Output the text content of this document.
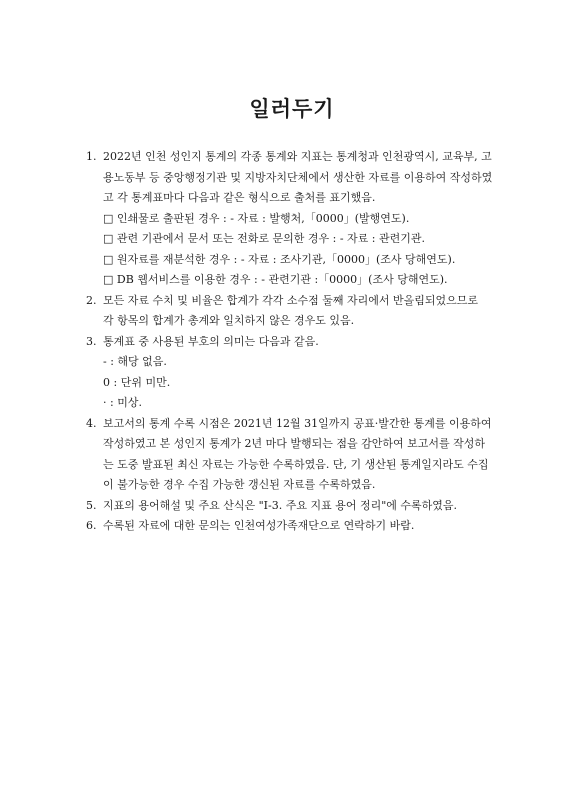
일러두기
1. 2022년 인천 성인지 통계의 각종 통계와 지표는 통계청과 인천광역시, 교육부, 고
용노동부 등 중앙행정기관 및 지방자치단체에서 생산한 자료를 이용하여 작성하였
고 각 통계표마다 다음과 같은 형식으로 출처를 표기했음.
□ 인쇄물로 출판된 경우 : - 자료 : 발행처,「0000」(발행연도).
□ 관련 기관에서 문서 또는 전화로 문의한 경우 : - 자료 : 관련기관.
□ 원자료를 재분석한 경우 : - 자료 : 조사기관,「0000」(조사 당해연도).
□ DB 웹서비스를 이용한 경우 : - 관련기관 :「0000」(조사 당해연도).
2. 모든 자료 수치 및 비율은 합계가 각각 소수점 둘째 자리에서 반올림되었으므로
각 항목의 합계가 총계와 일치하지 않은 경우도 있음.
3. 통계표 중 사용된 부호의 의미는 다음과 같음.
- : 해당 없음.
0 : 단위 미만.
· : 미상.
4. 보고서의 통계 수록 시점은 2021년 12월 31일까지 공표·발간한 통계를 이용하여
작성하였고 본 성인지 통계가 2년 마다 발행되는 점을 감안하여 보고서를 작성하
는 도중 발표된 최신 자료는 가능한 수록하였음. 단, 기 생산된 통계일지라도 수집
이 불가능한 경우 수집 가능한 갱신된 자료를 수록하였음.
5. 지표의 용어해설 및 주요 산식은 "Ⅰ-3. 주요 지표 용어 정리"에 수록하였음.
6. 수록된 자료에 대한 문의는 인천여성가족재단으로 연락하기 바람.
